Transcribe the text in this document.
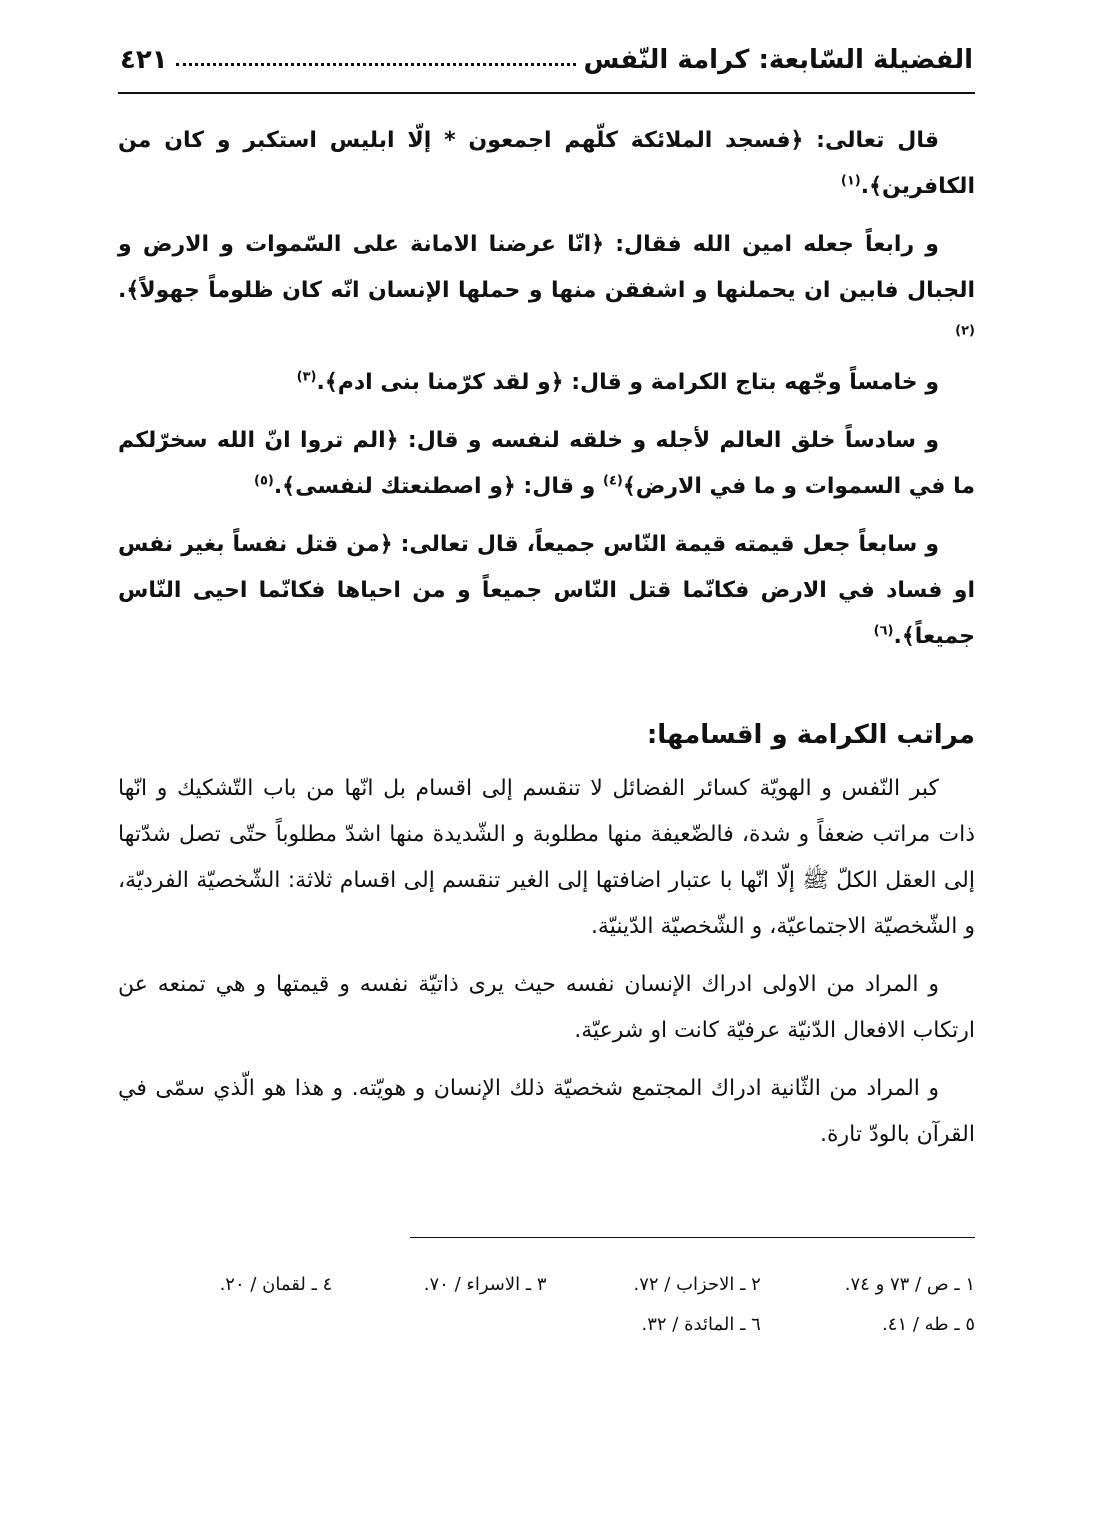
الفضيلة السّابعة: كرامة النّفس
٤٢١

قال تعالى: ﴿فسجد الملائكة كلّهم اجمعون * إلّا ابليس استكبر و كان من الكافرين﴾.$^{(١)}$

و رابعاً جعله امين الله فقال: ﴿انّا عرضنا الامانة على السّموات و الارض و الجبال فابين ان يحملنها و اشفقن منها و حملها الإنسان انّه كان ظلوماً جهولاً﴾.$^{(٢)}$

و خامساً وجّهه بتاج الكرامة و قال: ﴿و لقد كرّمنا بنى ادم﴾.$^{(٣)}$

و سادساً خلق العالم لأجله و خلقه لنفسه و قال: ﴿الم تروا انّ الله سخرّلكم ما في السموات و ما في الارض﴾$^{(٤)}$ و قال: ﴿و اصطنعتك لنفسى﴾.$^{(٥)}$

و سابعاً جعل قيمته قيمة النّاس جميعاً، قال تعالى: ﴿من قتل نفساً بغير نفس او فساد في الارض فكانّما قتل النّاس جميعاً و من احياها فكانّما احيى النّاس جميعاً﴾.$^{(٦)}$

مراتب الكرامة و اقسامها:

كبر النّفس و الهويّة كسائر الفضائل لا تنقسم إلى اقسام بل انّها من باب التّشكيك و انّها ذات مراتب ضعفاً و شدة، فالضّعيفة منها مطلوبة و الشّديدة منها اشدّ مطلوباً حتّى تصل شدّتها إلى العقل الكلّ ﷺ إلّا انّها با عتبار اضافتها إلى الغير تنقسم إلى اقسام ثلاثة: الشّخصيّة الفرديّة، و الشّخصيّة الاجتماعيّة، و الشّخصيّة الدّينيّة.

و المراد من الاولى ادراك الإنسان نفسه حيث يرى ذاتيّة نفسه و قيمتها و هي تمنعه عن ارتكاب الافعال الدّنيّة عرفيّة كانت او شرعيّة.

و المراد من الثّانية ادراك المجتمع شخصيّة ذلك الإنسان و هويّته. و هذا هو الّذي سمّى في القرآن بالودّ تارة.

١ ـ ص / ٧٣ و ٧٤.
٢ ـ الاحزاب / ٧٢.
٣ ـ الاسراء / ٧٠.
٤ ـ لقمان / ٢٠.
٥ ـ طه / ٤١.
٦ ـ المائدة / ٣٢.
